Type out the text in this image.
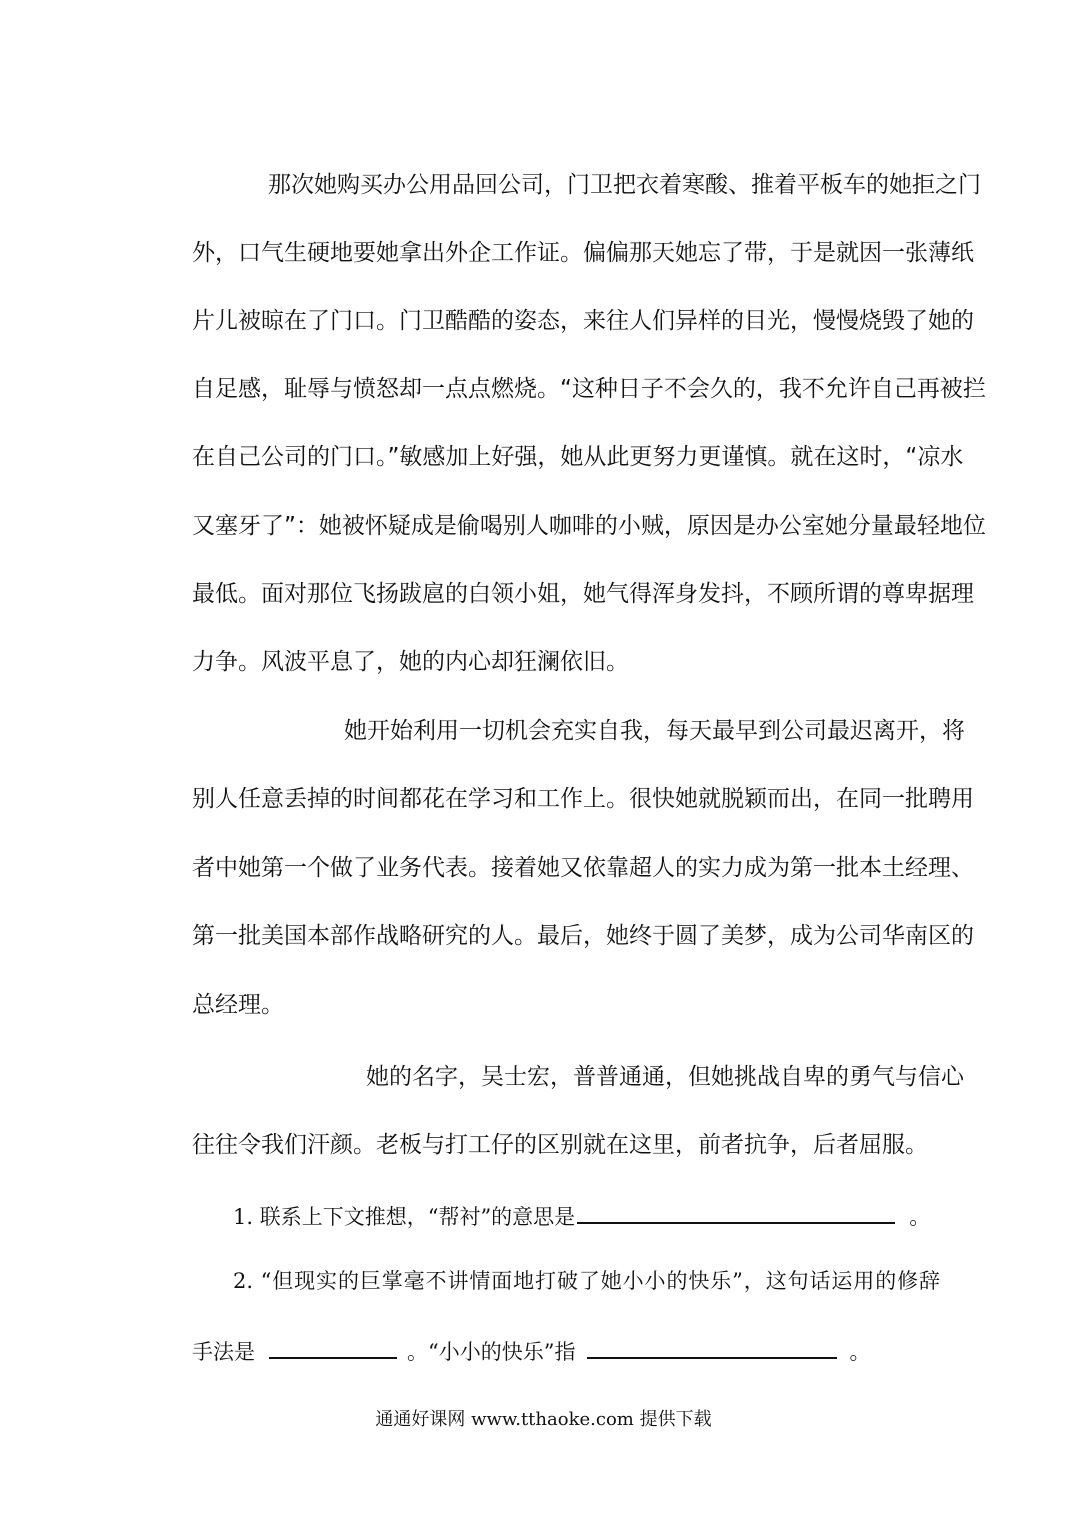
那次她购买办公用品回公司，门卫把衣着寒酸、推着平板车的她拒之门
外，口气生硬地要她拿出外企工作证。偏偏那天她忘了带，于是就因一张薄纸
片儿被晾在了门口。门卫酷酷的姿态，来往人们异样的目光，慢慢烧毁了她的
自足感，耻辱与愤怒却一点点燃烧。“这种日子不会久的，我不允许自己再被拦
在自己公司的门口。”敏感加上好强，她从此更努力更谨慎。就在这时，“凉水
又塞牙了”：她被怀疑成是偷喝别人咖啡的小贼，原因是办公室她分量最轻地位
最低。面对那位飞扬跋扈的白领小姐，她气得浑身发抖，不顾所谓的尊卑据理
力争。风波平息了，她的内心却狂澜依旧。
她开始利用一切机会充实自我，每天最早到公司最迟离开，将
别人任意丢掉的时间都花在学习和工作上。很快她就脱颖而出，在同一批聘用
者中她第一个做了业务代表。接着她又依靠超人的实力成为第一批本土经理、
第一批美国本部作战略研究的人。最后，她终于圆了美梦，成为公司华南区的
总经理。
她的名字，吴士宏，普普通通，但她挑战自卑的勇气与信心
往往令我们汗颜。老板与打工仔的区别就在这里，前者抗争，后者屈服。
1. 联系上下文推想，“帮衬”的意思是	。
2. “但现实的巨掌毫不讲情面地打破了她小小的快乐”，这句话运用的修辞
手法是	。“小小的快乐”指	。
通通好课网 www.tthaoke.com 提供下载
